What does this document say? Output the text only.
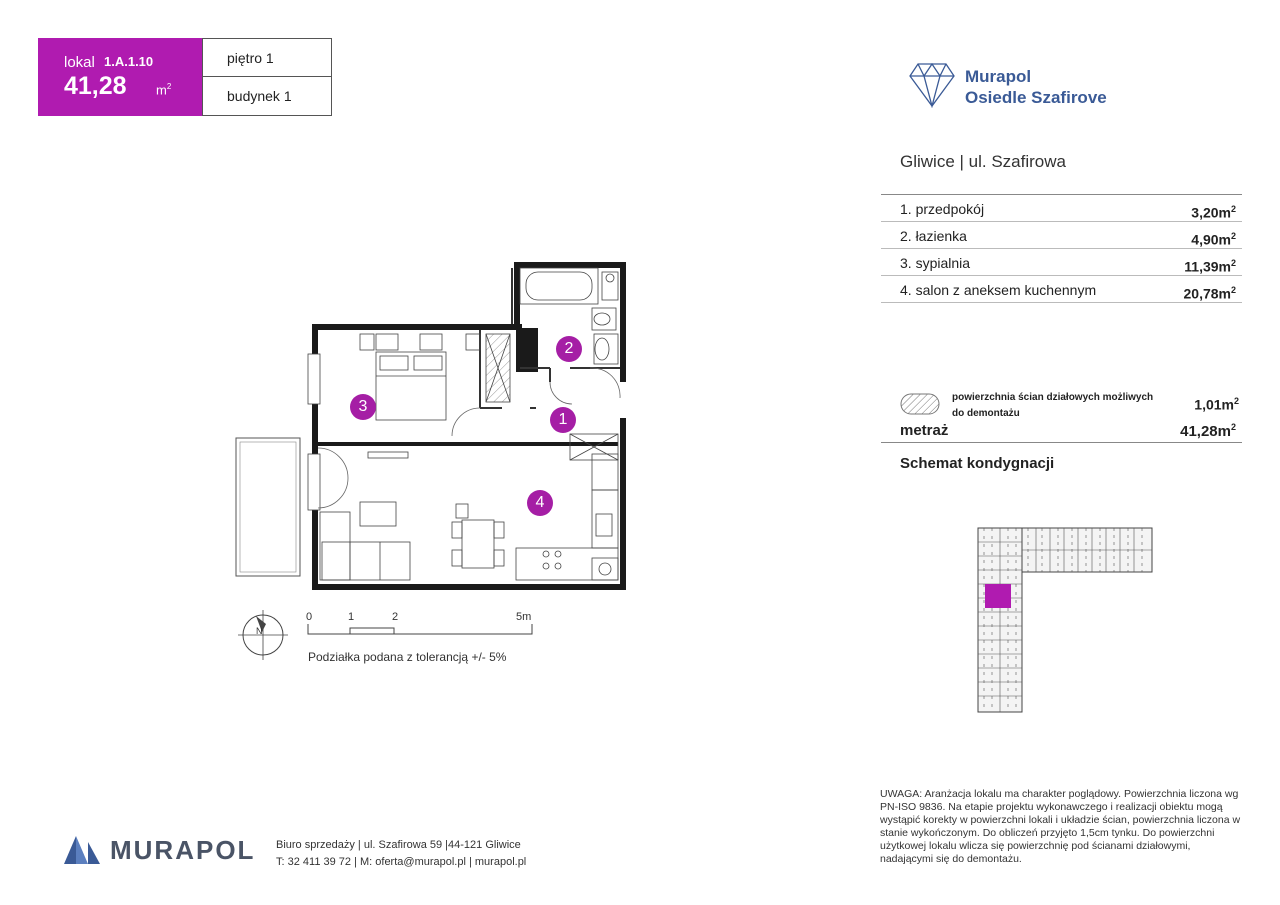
lokal 1.A.1.10
41,28 $m^2$
piętro 1
budynek 1
Murapol
Osiedle Szafirove
Gliwice | ul. Szafirowa
1. przedpokój	$3,20m^2$
2. łazienka	$4,90m^2$
3. sypialnia	$11,39m^2$
4. salon z aneksem kuchennym	$20,78m^2$
powierzchnia ścian działowych możliwych do demontażu
$1,01m^2$
metraż	$41,28m^2$
Schemat kondygnacji
2
3
1
4
N
0	1	2	5m
Podziałka podana z tolerancją +/- 5%
MURAPOL Biuro sprzedaży | ul. Szafirowa 59 |44-121 Gliwice
T: 32 411 39 72 | M: oferta@murapol.pl | murapol.pl
UWAGA: Aranżacja lokalu ma charakter poglądowy. Powierzchnia liczona wg PN-ISO 9836. Na etapie projektu wykonawczego i realizacji obiektu mogą wystąpić korekty w powierzchni lokali i układzie ścian, powierzchnia liczona w stanie wykończonym. Do obliczeń przyjęto 1,5cm tynku. Do powierzchni użytkowej lokalu wlicza się powierzchnię pod ścianami działowymi, nadającymi się do demontażu.
